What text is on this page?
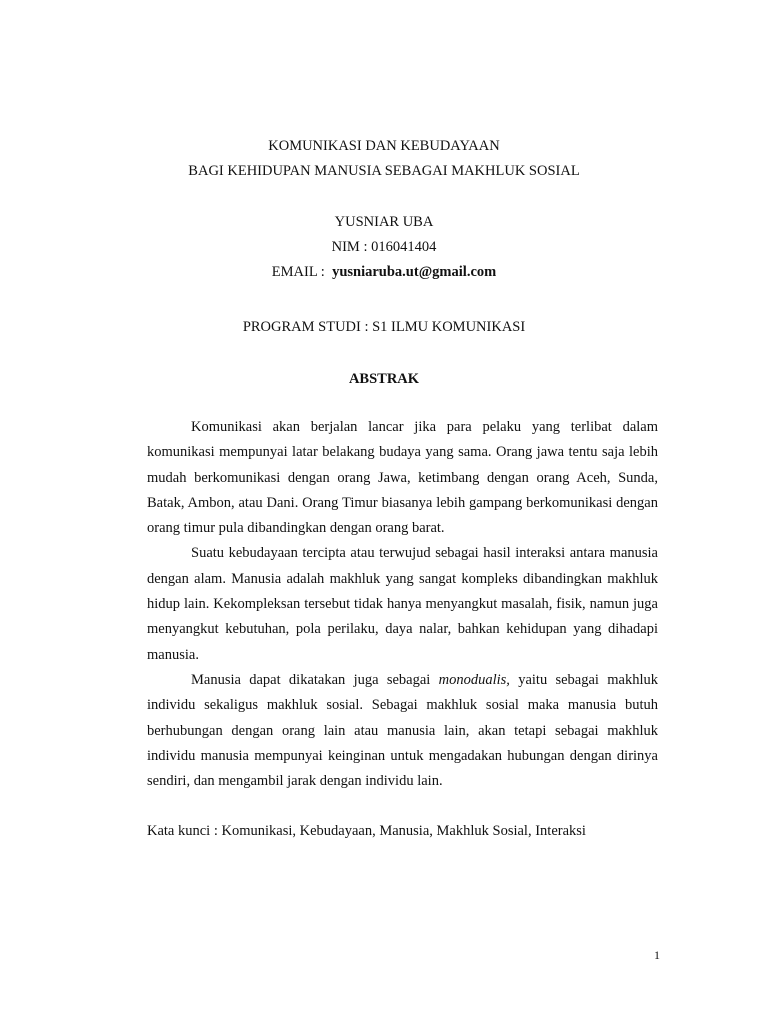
KOMUNIKASI DAN KEBUDAYAAN
BAGI KEHIDUPAN MANUSIA SEBAGAI MAKHLUK SOSIAL
YUSNIAR UBA
NIM : 016041404
EMAIL : yusniaruba.ut@gmail.com
PROGRAM STUDI : S1 ILMU KOMUNIKASI
ABSTRAK

Komunikasi akan berjalan lancar jika para pelaku yang terlibat dalam komunikasi mempunyai latar belakang budaya yang sama. Orang jawa tentu saja lebih mudah berkomunikasi dengan orang Jawa, ketimbang dengan orang Aceh, Sunda, Batak, Ambon, atau Dani. Orang Timur biasanya lebih gampang berkomunikasi dengan orang timur pula dibandingkan dengan orang barat.

Suatu kebudayaan tercipta atau terwujud sebagai hasil interaksi antara manusia dengan alam. Manusia adalah makhluk yang sangat kompleks dibandingkan makhluk hidup lain. Kekompleksan tersebut tidak hanya menyangkut masalah, fisik, namun juga menyangkut kebutuhan, pola perilaku, daya nalar, bahkan kehidupan yang dihadapi manusia.

Manusia dapat dikatakan juga sebagai monodualis, yaitu sebagai makhluk individu sekaligus makhluk sosial. Sebagai makhluk sosial maka manusia butuh berhubungan dengan orang lain atau manusia lain, akan tetapi sebagai makhluk individu manusia mempunyai keinginan untuk mengadakan hubungan dengan dirinya sendiri, dan mengambil jarak dengan individu lain.

Kata kunci : Komunikasi, Kebudayaan, Manusia, Makhluk Sosial, Interaksi
1
